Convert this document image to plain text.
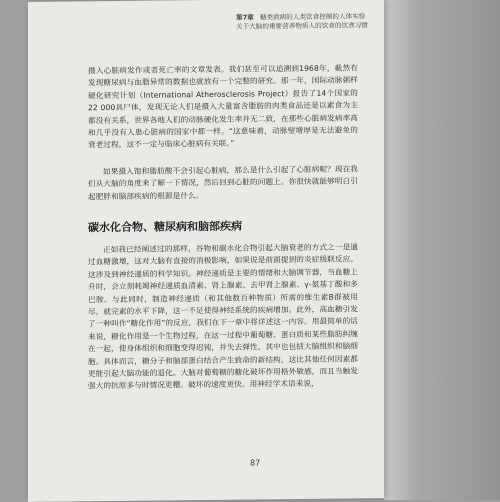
第7章 糖类致病的人类饮食控制的人体实验
关于大脑的重要营养物质人的饮食的饮食习惯

摄入心脏病发作或者死亡率的文章发表。我们甚至可以追溯到1968年，截然有发现糖尿病与血脂异常的数据也就放有一个完整的研究。那一年，国际动脉粥样硬化研究计划（International Atherosclerosis Project）报告了14个国家的22 000具尸体，发现无论人们是摄入大量富含脂肪的肉类食品还是以素食为主都没有关系，世界各地人们的动脉硬化发生率并无二致，在那些心脏病发病率高和几乎没有人患心脏病的国家中都一样。“这意味着，动脉壁增厚是无法避免的衰老过程，这不一定与临床心脏病有关联。”

如果摄入饱和脂肪酸不会引起心脏病，那么是什么引起了心脏病呢？现在我们从大脑的角度来了解一下情况，然后回到心脏的问题上。你很快就能够明白引起肥胖和脑部疾病的根源是什么。

碳水化合物、糖尿病和脑部疾病

正如我已经阐述过的那样，谷物和碳水化合物引起大脑衰老的方式之一是通过血糖激增，这对大脑有直接的消极影响，如果说是前面提到的炎症级联反应。这涉及到神经递质的科学知识。神经递质是主要的情绪和大脑调节器，当血糖上升时，会立刻耗竭神经递质血清素、肾上腺素、去甲肾上腺素、γ-氨基丁酸和多巴胺。与此同时，制造神经递质（和其他数百种物质）所需的维生素B群被用尽，就完素的水平下降，这一不足使得神经系统的疾病增加。此外，高血糖引发了一种叫作“糖化作用”的反应，我们在下一章中将详述这一内容。用最简单的话来说，糖化作用是一个生物过程，在这一过程中葡萄糖、蛋白质和某些脂肪纠缠在一起，使身体组织和细胞变得迟钝，并失去弹性。其中也包括大脑组织和脑细胞。具体而言，糖分子和脑部蛋白结合产生致命的新结构，这比其他任何因素都更能引起大脑功能的退化。大脑对葡萄糖的糖化破坏作用格外敏感，而且当触发强大的抗原多与时情况更糟。破坏的速度更快。用神经学术语来说，

87
